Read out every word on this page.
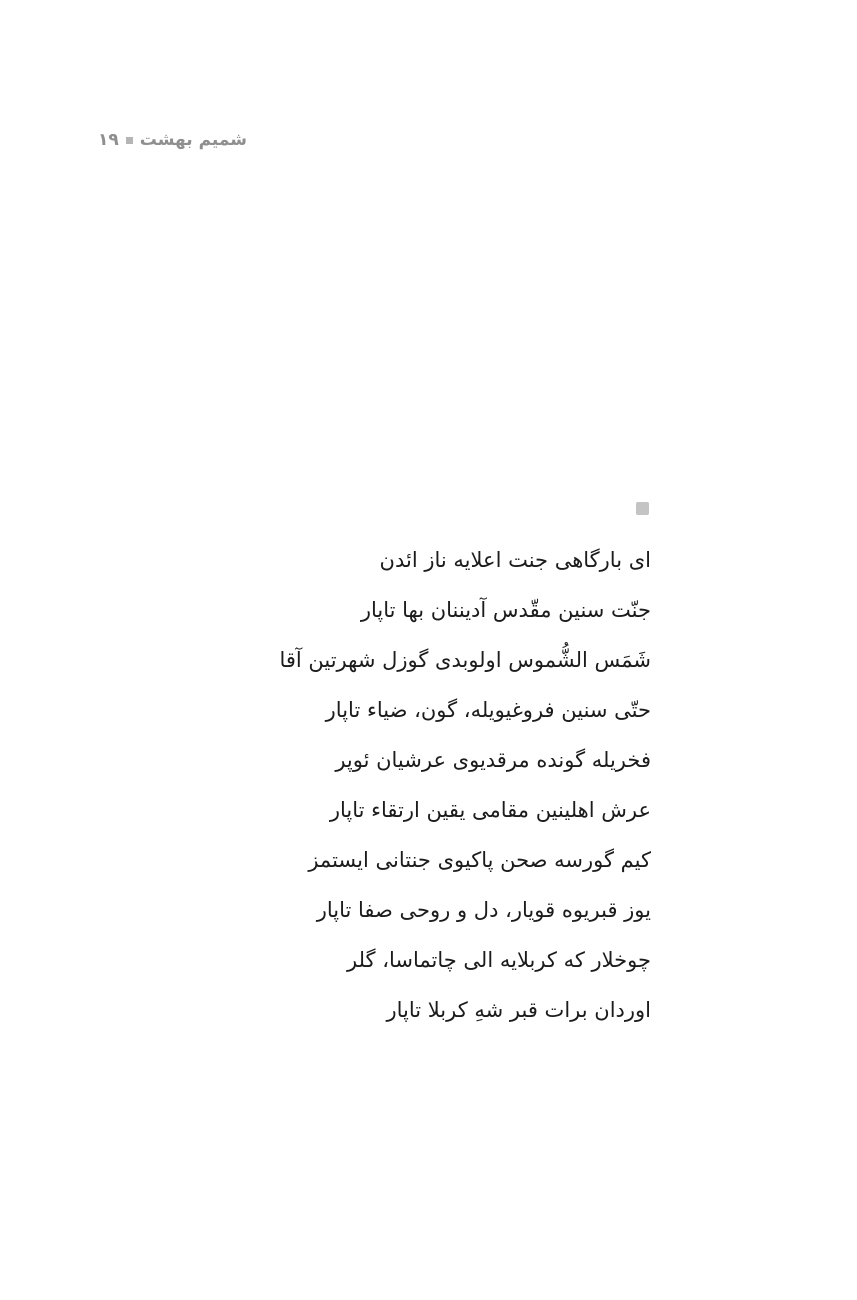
شمیم بهشت
۱۹
ای بارگاهی جنت اعلایه ناز ائدن
جنّت سنین مقّدس آدیننان بها تاپار
شَمَس الشُّموس اولوبدی گوزل شهرتین آقا
حتّی سنین فروغیویله، گون، ضیاء تاپار
فخریله گونده مرقدیوی عرشیان ئوپر
عرش اهلینین مقامی یقین ارتقاء تاپار
کیم گورسه صحن پاکیوی جنتانی ایستمز
یوز قبریوه قویار، دل و روحی صفا تاپار
چوخلار که کربلایه الی چاتماسا، گلر
اوردان برات قبر شهِ کربلا تاپار
